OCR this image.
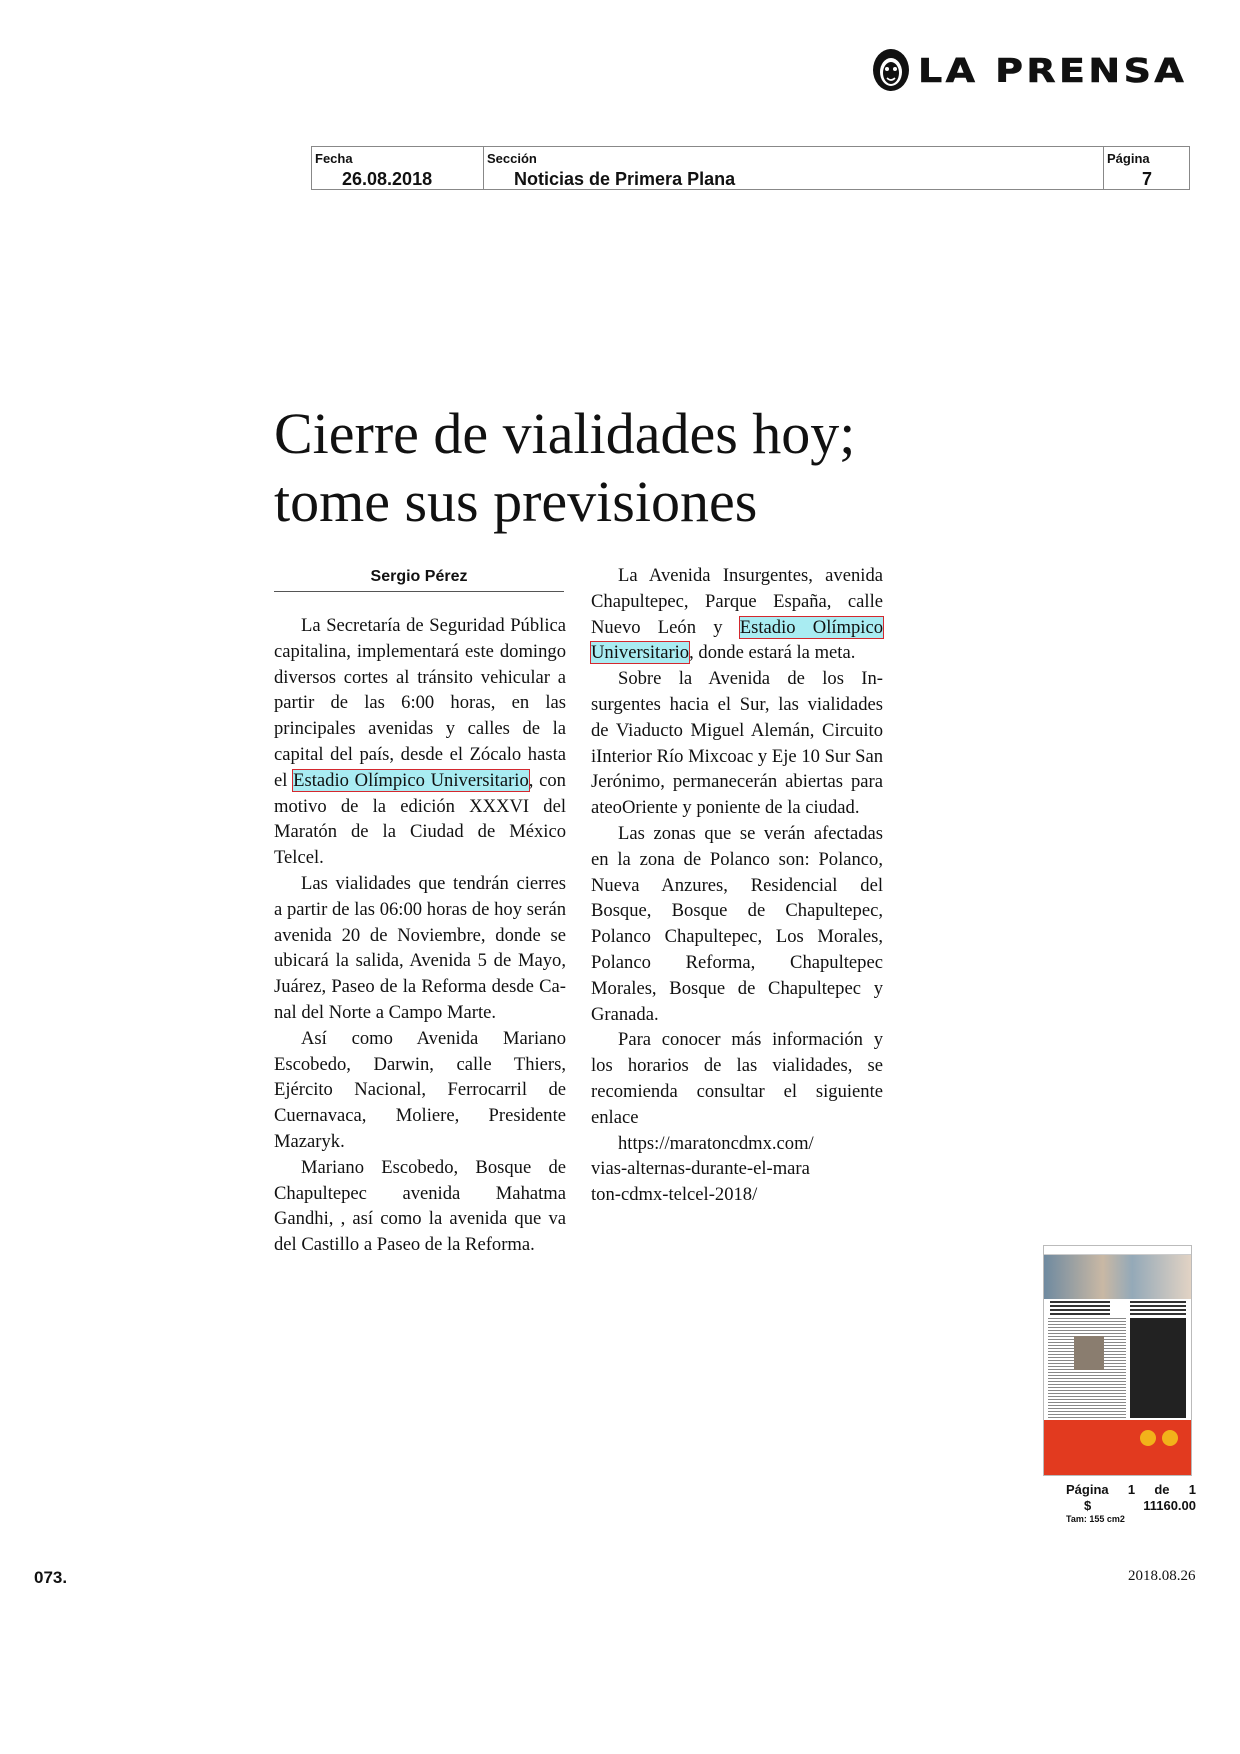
LA PRENSA
Fecha
26.08.2018
Sección
Noticias de Primera Plana
Página
7
Cierre de vialidades hoy;
tome sus previsiones
Sergio Pérez

La Secretaría de Seguridad Pública capitalina, implementará este domingo diversos cortes al tránsito vehicular a partir de las 6:00 horas, en las principales avenidas y calles de la capital del país, desde el Zócalo hasta el Estadio Olímpico Universitario, con motivo de la edición XXXVI del Maratón de la Ciudad de México Telcel.

Las vialidades que tendrán cierres a partir de las 06:00 horas de hoy serán avenida 20 de Noviembre, donde se ubicará la salida, Avenida 5 de Mayo, Juárez, Paseo de la Reforma desde Canal del Norte a Campo Marte.

Así como Avenida Mariano Escobedo, Darwin, calle Thiers, Ejército Nacional, Ferrocarril de Cuernavaca, Moliere, Presidente Mazaryk.

Mariano Escobedo, Bosque de Chapultepec avenida Mahatma Gandhi, , así como la avenida que va del Castillo a Paseo de la Reforma.

La Avenida Insurgentes, avenida Chapultepec, Parque España, calle Nuevo León y Estadio Olímpico Universitario, donde estará la meta.

Sobre la Avenida de los Insurgentes hacia el Sur, las vialidades de Viaducto Miguel Alemán, Circuito iInterior Río Mixcoac y Eje 10 Sur San Jerónimo, permanecerán abiertas para ateoOriente y poniente de la ciudad.

Las zonas que se verán afectadas en la zona de Polanco son: Polanco, Nueva Anzures, Residencial del Bosque, Bosque de Chapultepec, Polanco Chapultepec, Los Morales, Polanco Reforma, Chapultepec Morales, Bosque de Chapultepec y Granada.

Para conocer más información y los horarios de las vialidades, se recomienda consultar el siguiente enlace

https://maratoncdmx.com/
vias-alternas-durante-el-mara
ton-cdmx-telcel-2018/

Página 1 de 1
$	11160.00
Tam: 155 cm2
073.	2018.08.26
